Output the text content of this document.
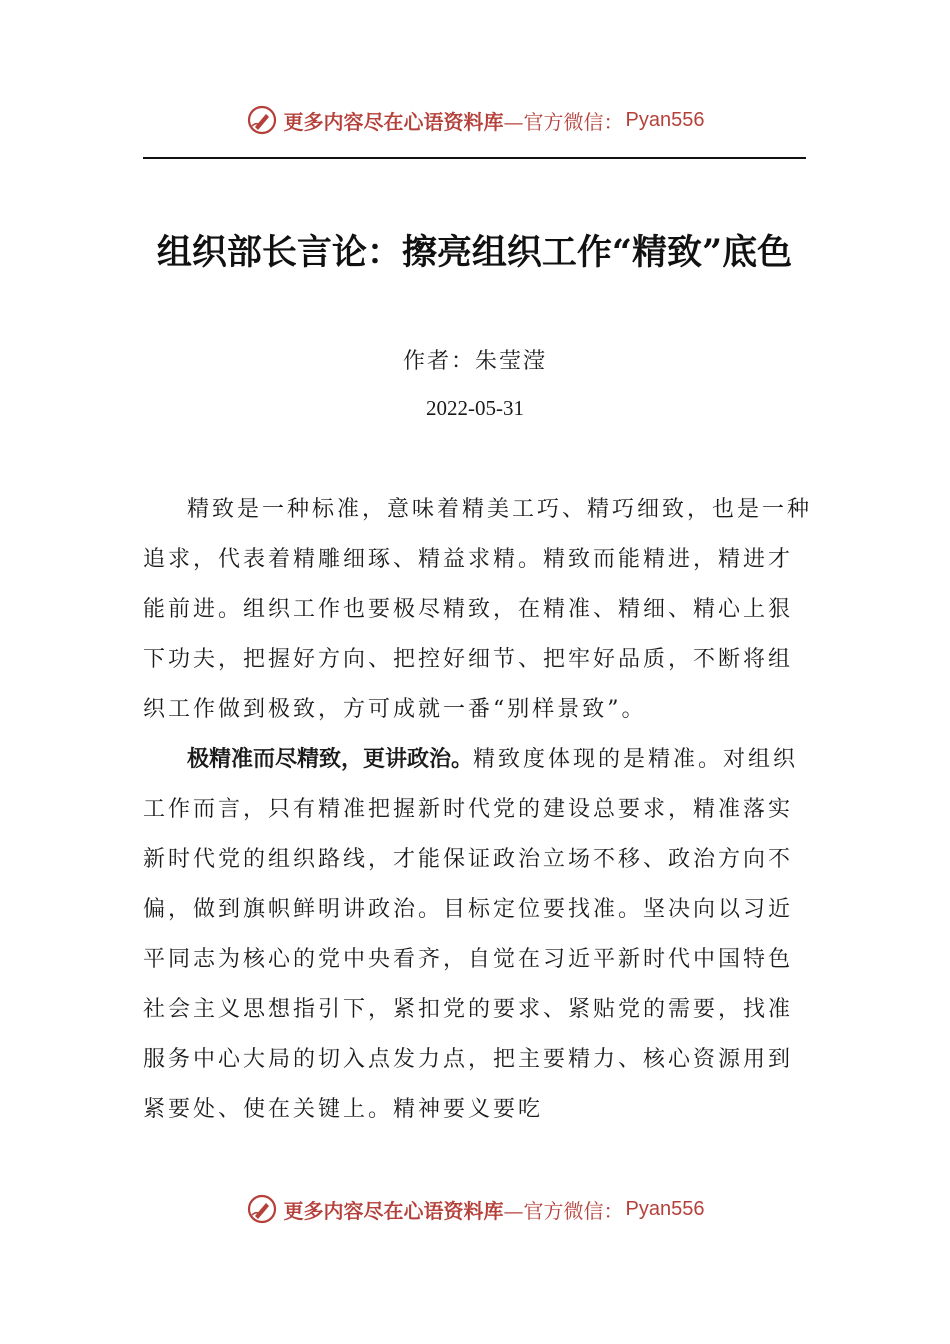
更多内容尽在心语资料库 —官方微信： Pyan556
组织部长言论：擦亮组织工作“精致”底色
作者：朱莹滢
2022-05-31

精致是一种标准，意味着精美工巧、精巧细致，也是一种追求，代表着精雕细琢、精益求精。精致而能精进，精进才能前进。组织工作也要极尽精致，在精准、精细、精心上狠下功夫，把握好方向、把控好细节、把牢好品质，不断将组织工作做到极致，方可成就一番“别样景致”。

极精准而尽精致，更讲政治。精致度体现的是精准。对组织工作而言，只有精准把握新时代党的建设总要求，精准落实新时代党的组织路线，才能保证政治立场不移、政治方向不偏，做到旗帜鲜明讲政治。目标定位要找准。坚决向以习近平同志为核心的党中央看齐，自觉在习近平新时代中国特色社会主义思想指引下，紧扣党的要求、紧贴党的需要，找准服务中心大局的切入点发力点，把主要精力、核心资源用到紧要处、使在关键上。精神要义要吃

更多内容尽在心语资料库 —官方微信： Pyan556
